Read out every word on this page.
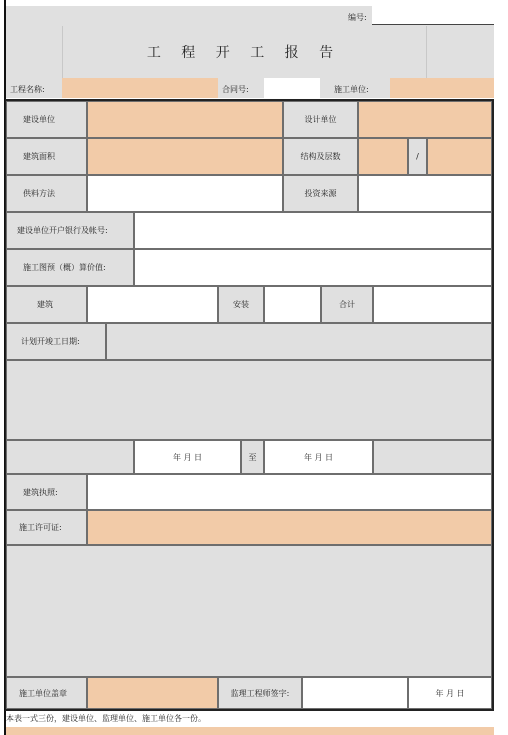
编号:
工 程 开 工 报 告
工程名称:	合同号:	施工单位:
建设单位	设计单位
建筑面积	结构及层数	/
供料方法	投资来源
建设单位开户银行及帐号:
施工图预（概）算价值:
建筑	安装	合计
计划开竣工日期:
年 月 日	至	年 月 日
建筑执照:
施工许可证:
施工单位盖章	监理工程师签字:	年 月 日
本表一式三份，建设单位、监理单位、施工单位各一份。
